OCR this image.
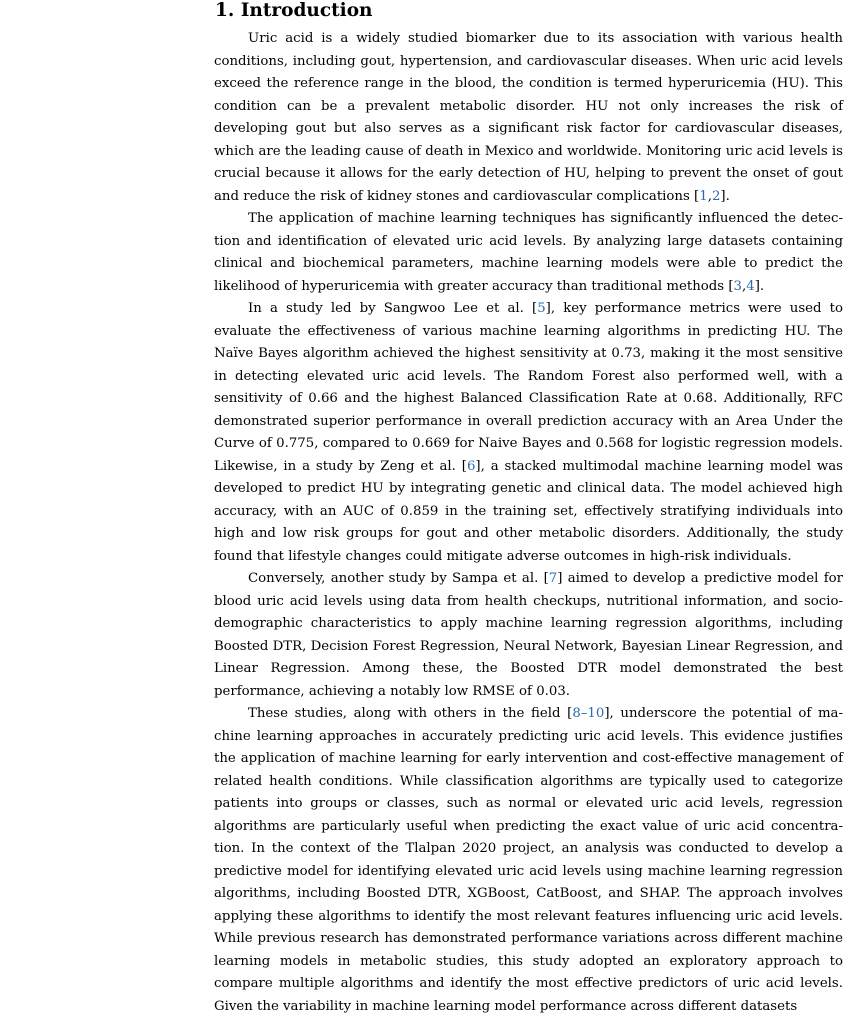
1. Introduction

Uric acid is a widely studied biomarker due to its association with various health conditions, including gout, hypertension, and cardiovascular diseases. When uric acid levels exceed the reference range in the blood, the condition is termed hyperuricemia (HU). This condition can be a prevalent metabolic disorder. HU not only increases the risk of developing gout but also serves as a significant risk factor for cardiovascular diseases, which are the leading cause of death in Mexico and worldwide. Monitoring uric acid levels is crucial because it allows for the early detection of HU, helping to prevent the onset of gout and reduce the risk of kidney stones and cardiovascular complications [1,2].

The application of machine learning techniques has significantly influenced the detection and identification of elevated uric acid levels. By analyzing large datasets containing clinical and biochemical parameters, machine learning models were able to predict the likelihood of hyperuricemia with greater accuracy than traditional methods [3,4].

In a study led by Sangwoo Lee et al. [5], key performance metrics were used to evaluate the effectiveness of various machine learning algorithms in predicting HU. The Naïve Bayes algorithm achieved the highest sensitivity at 0.73, making it the most sensitive in detecting elevated uric acid levels. The Random Forest also performed well, with a sensitivity of 0.66 and the highest Balanced Classification Rate at 0.68. Additionally, RFC demonstrated superior performance in overall prediction accuracy with an Area Under the Curve of 0.775, compared to 0.669 for Naive Bayes and 0.568 for logistic regression models. Likewise, in a study by Zeng et al. [6], a stacked multimodal machine learning model was developed to predict HU by integrating genetic and clinical data. The model achieved high accuracy, with an AUC of 0.859 in the training set, effectively stratifying individuals into high and low risk groups for gout and other metabolic disorders. Additionally, the study found that lifestyle changes could mitigate adverse outcomes in high-risk individuals.

Conversely, another study by Sampa et al. [7] aimed to develop a predictive model for blood uric acid levels using data from health checkups, nutritional information, and sociodemographic characteristics to apply machine learning regression algorithms, including Boosted DTR, Decision Forest Regression, Neural Network, Bayesian Linear Regression, and Linear Regression. Among these, the Boosted DTR model demonstrated the best performance, achieving a notably low RMSE of 0.03.

These studies, along with others in the field [8–10], underscore the potential of machine learning approaches in accurately predicting uric acid levels. This evidence justifies the application of machine learning for early intervention and cost-effective management of related health conditions. While classification algorithms are typically used to categorize patients into groups or classes, such as normal or elevated uric acid levels, regression algorithms are particularly useful when predicting the exact value of uric acid concentration. In the context of the Tlalpan 2020 project, an analysis was conducted to develop a predictive model for identifying elevated uric acid levels using machine learning regression algorithms, including Boosted DTR, XGBoost, CatBoost, and SHAP. The approach involves applying these algorithms to identify the most relevant features influencing uric acid levels. While previous research has demonstrated performance variations across different machine learning models in metabolic studies, this study adopted an exploratory approach to compare multiple algorithms and identify the most effective predictors of uric acid levels. Given the variability in machine learning model performance across different datasets
